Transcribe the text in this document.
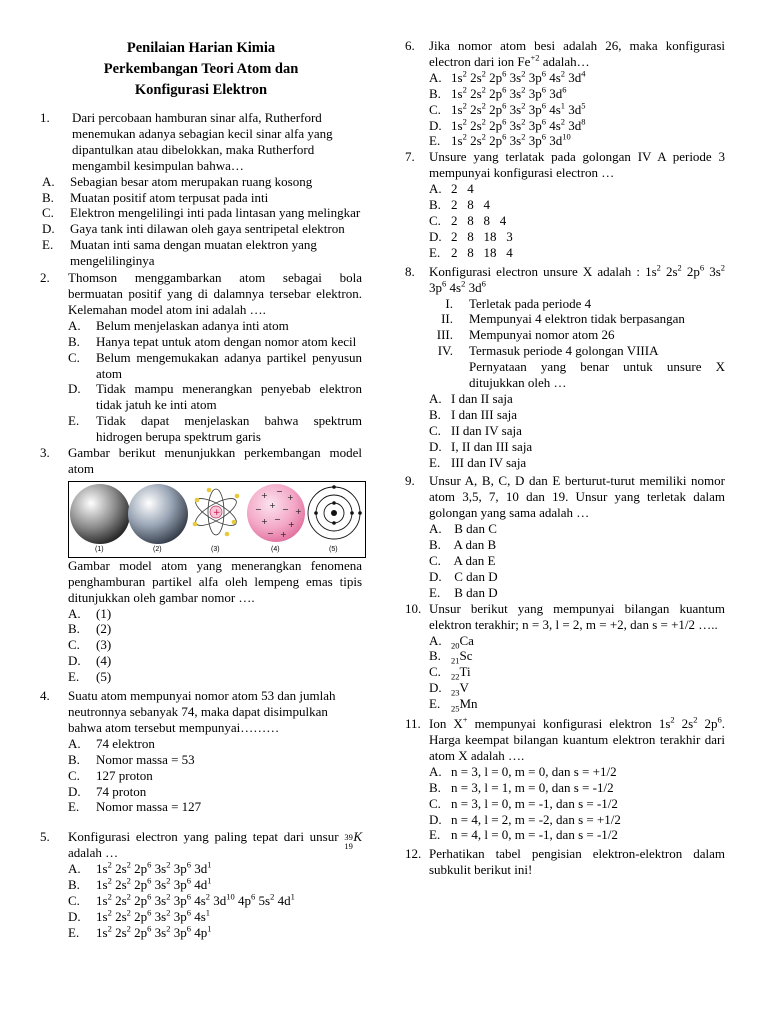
Penilaian Harian Kimia
Perkembangan Teori Atom dan
Konfigurasi Elektron
1.	Dari percobaan hamburan sinar alfa, Rutherford menemukan adanya sebagian kecil sinar alfa yang dipantulkan atau dibelokkan, maka Rutherford mengambil kesimpulan bahwa…
A.	Sebagian besar atom merupakan ruang kosong
B.	Muatan positif atom terpusat pada inti
C.	Elektron mengelilingi inti pada lintasan yang melingkar
D.	Gaya tank inti dilawan oleh gaya sentripetal elektron
E.	Muatan inti sama dengan muatan elektron yang mengelilinginya
2.	Thomson menggambarkan atom sebagai bola bermuatan positif yang di dalamnya tersebar elektron. Kelemahan model atom ini adalah ….
A.	Belum menjelaskan adanya inti atom
B.	Hanya tepat untuk atom dengan nomor atom kecil
C.	Belum mengemukakan adanya partikel penyusun atom
D.	Tidak mampu menerangkan penyebab elektron tidak jatuh ke inti atom
E.	Tidak dapat menjelaskan bahwa spektrum hidrogen berupa spektrum garis
3.	Gambar berikut menunjukkan perkembangan model atom
+
+ −
+
− + − +
+ −
+
− +
(1)	(2)	(3)	(4)	(5)
Gambar model atom yang menerangkan fenomena penghamburan partikel alfa oleh lempeng emas tipis ditunjukkan oleh gambar nomor ….
A.	(1)
B.	(2)
C.	(3)
D.	(4)
E.	(5)
4.	Suatu atom mempunyai nomor atom 53 dan jumlah neutronnya sebanyak 74, maka dapat disimpulkan bahwa atom tersebut mempunyai………
A.	74 elektron
B.	Nomor massa = 53
C.	127 proton
D.	74 proton
E.	Nomor massa = 127
5.	Konfigurasi electron yang paling tepat dari unsur 39
19
K adalah …
A.	$1s^2$ $2s^2$ $2p^6$ $3s^2$ $3p^6$ $3d^1$
B.	$1s^2$ $2s^2$ $2p^6$ $3s^2$ $3p^6$ $4d^1$
C.	$1s^2$ $2s^2$ $2p^6$ $3s^2$ $3p^6$ $4s^2$ $3d^{10}$ $4p^6$ $5s^2$ $4d^1$
D.	$1s^2$ $2s^2$ $2p^6$ $3s^2$ $3p^6$ $4s^1$
E.	$1s^2$ $2s^2$ $2p^6$ $3s^2$ $3p^6$ $4p^1$
6.	Jika nomor atom besi adalah 26, maka konfigurasi electron dari ion $Fe^{+2}$ adalah…
A. $1s^2$ $2s^2$ $2p^6$ $3s^2$ $3p^6$ $4s^2$ $3d^4$
B. $1s^2$ $2s^2$ $2p^6$ $3s^2$ $3p^6$ $3d^6$
C. $1s^2$ $2s^2$ $2p^6$ $3s^2$ $3p^6$ $4s^1$ $3d^5$
D. $1s^2$ $2s^2$ $2p^6$ $3s^2$ $3p^6$ $4s^2$ $3d^8$
E. $1s^2$ $2s^2$ $2p^6$ $3s^2$ $3p^6$ $3d^{10}$
7.	Unsure yang terlatak pada golongan IV A periode 3 mempunyai konfigurasi electron …
A. 2   4
B. 2   8   4
C. 2   8   8   4
D. 2   8   18   3
E. 2   8   18   4
8.	Konfigurasi electron unsure X adalah : $1s^2$ $2s^2$ $2p^6$ $3s^2$ $3p^6$ $4s^2$ $3d^6$
I.	Terletak pada periode 4
II.	Mempunyai 4 elektron tidak berpasangan
III.	Mempunyai nomor atom 26
IV.	Termasuk periode 4 golongan VIIIA
Pernyataan yang benar untuk unsure X ditujukkan oleh …
A. I dan II saja
B. I dan III saja
C. II dan IV saja
D. I, II dan III saja
E. III dan IV saja
9.	Unsur A, B, C, D dan E berturut-turut memiliki nomor atom 3,5, 7, 10 dan 19. Unsur yang terletak dalam golongan yang sama adalah …
A. B dan C
B. A dan B
C. A dan E
D. C dan D
E. B dan D
10. Unsur berikut yang mempunyai bilangan kuantum elektron terakhir; n = 3, l = 2, m = +2, dan s = +1/2 …..
A.	$_{20}$Ca
B.	$_{21}$Sc
C.	$_{22}$Ti
D.	$_{23}$V
E.	$_{25}$Mn
11. Ion X+ mempunyai konfigurasi elektron $1s^2$ $2s^2$ $2p^6$. Harga keempat bilangan kuantum elektron terakhir dari atom X adalah ….
A. n = 3, l = 0, m = 0, dan s = +1/2
B. n = 3, l = 1, m = 0, dan s = -1/2
C. n = 3, l = 0, m = -1, dan s = -1/2
D. n = 4, l = 2, m = -2, dan s = +1/2
E. n = 4, l = 0, m = -1, dan s = -1/2
12. Perhatikan tabel pengisian elektron-elektron dalam subkulit berikut ini!
